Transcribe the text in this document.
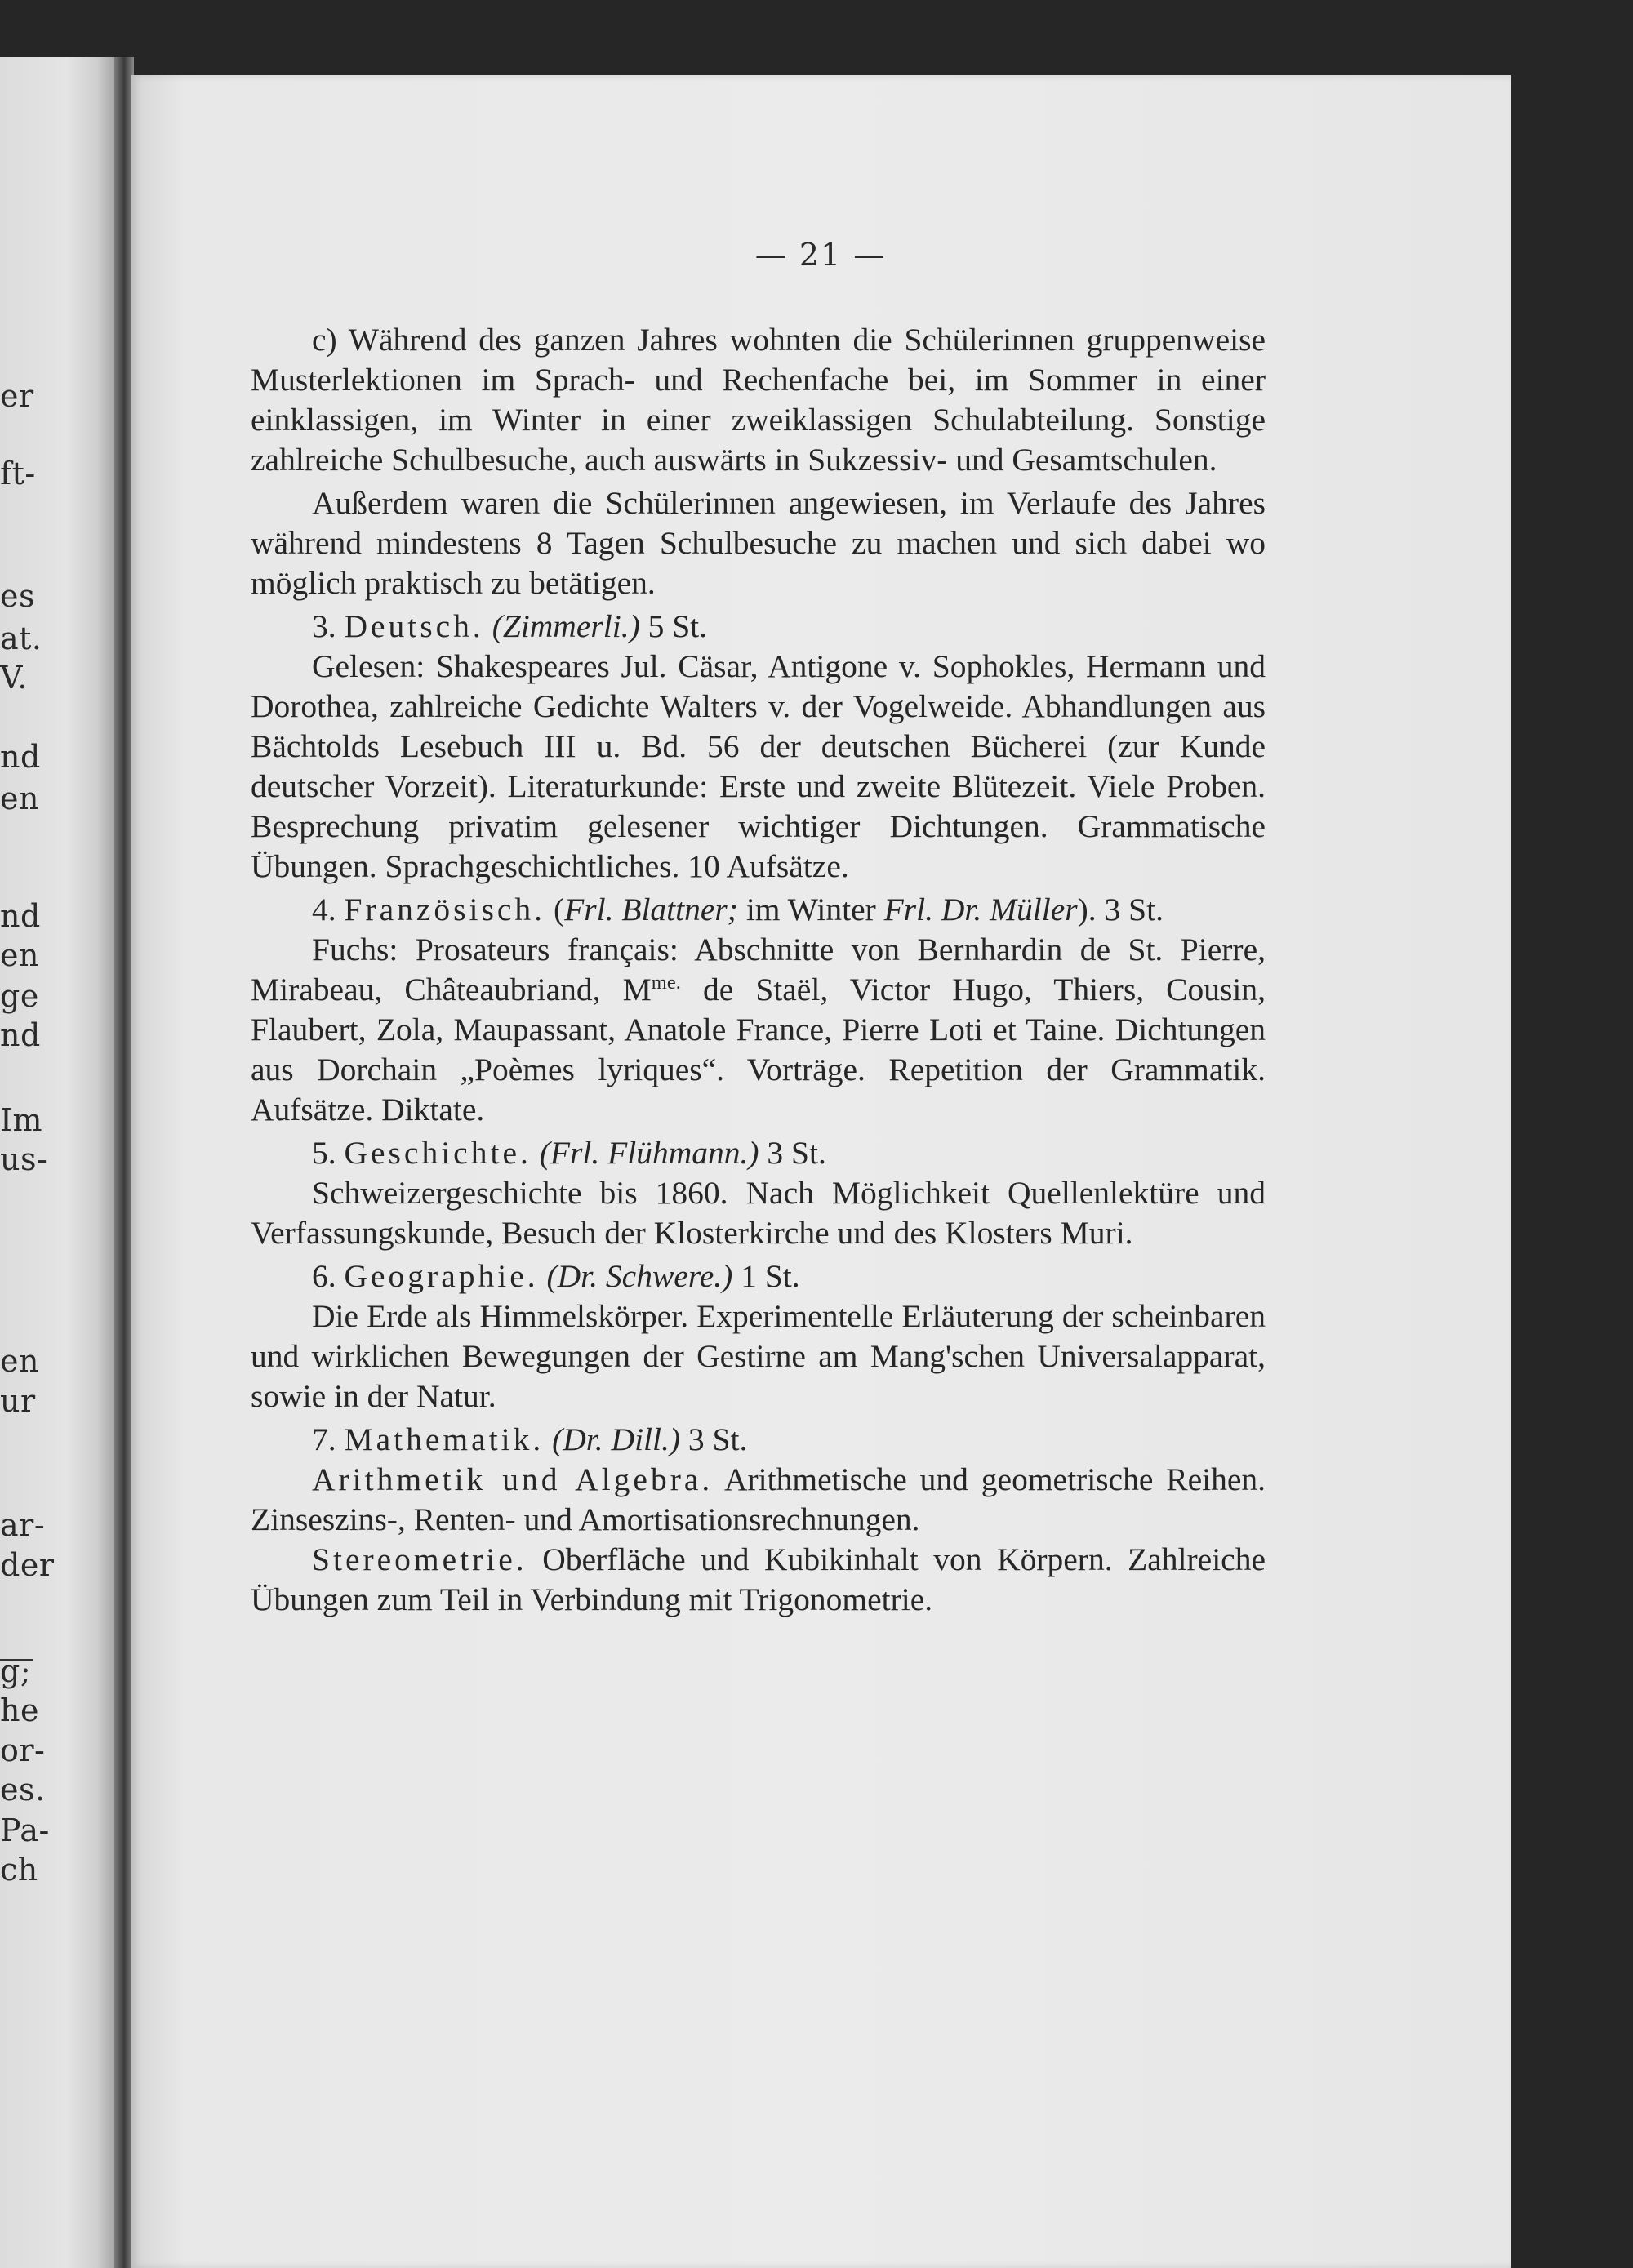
er
ft-
es
at.
V.
nd
en
nd
en
ge
nd
Im
us-
en
ur
ar-
der
g;
he
or-
es.
Pa-
ch
— 21 —

c) Während des ganzen Jahres wohnten die Schülerinnen gruppenweise Musterlektionen im Sprach- und Rechenfache bei, im Sommer in einer einklassigen, im Winter in einer zweiklassigen Schulabteilung. Sonstige zahlreiche Schulbesuche, auch auswärts in Sukzessiv- und Gesamtschulen.

Außerdem waren die Schülerinnen angewiesen, im Verlaufe des Jahres während mindestens 8 Tagen Schulbesuche zu machen und sich dabei wo möglich praktisch zu betätigen.

3. Deutsch. (Zimmerli.) 5 St.

Gelesen: Shakespeares Jul. Cäsar, Antigone v. Sophokles, Hermann und Dorothea, zahlreiche Gedichte Walters v. der Vogelweide. Abhandlungen aus Bächtolds Lesebuch III u. Bd. 56 der deutschen Bücherei (zur Kunde deutscher Vorzeit). Literaturkunde: Erste und zweite Blütezeit. Viele Proben. Besprechung privatim gelesener wichtiger Dichtungen. Grammatische Übungen. Sprachgeschichtliches. 10 Aufsätze.

4. Französisch. (Frl. Blattner; im Winter Frl. Dr. Müller). 3 St.

Fuchs: Prosateurs français: Abschnitte von Bernhardin de St. Pierre, Mirabeau, Châteaubriand, $M^{me.}$ de Staël, Victor Hugo, Thiers, Cousin, Flaubert, Zola, Maupassant, Anatole France, Pierre Loti et Taine. Dichtungen aus Dorchain „Poèmes lyriques“. Vorträge. Repetition der Grammatik. Aufsätze. Diktate.

5. Geschichte. (Frl. Flühmann.) 3 St.

Schweizergeschichte bis 1860. Nach Möglichkeit Quellenlektüre und Verfassungskunde, Besuch der Klosterkirche und des Klosters Muri.

6. Geographie. (Dr. Schwere.) 1 St.

Die Erde als Himmelskörper. Experimentelle Erläuterung der scheinbaren und wirklichen Bewegungen der Gestirne am Mang'schen Universalapparat, sowie in der Natur.

7. Mathematik. (Dr. Dill.) 3 St.

Arithmetik und Algebra. Arithmetische und geometrische Reihen. Zinseszins-, Renten- und Amortisationsrechnungen.

Stereometrie. Oberfläche und Kubikinhalt von Körpern. Zahlreiche Übungen zum Teil in Verbindung mit Trigonometrie.
